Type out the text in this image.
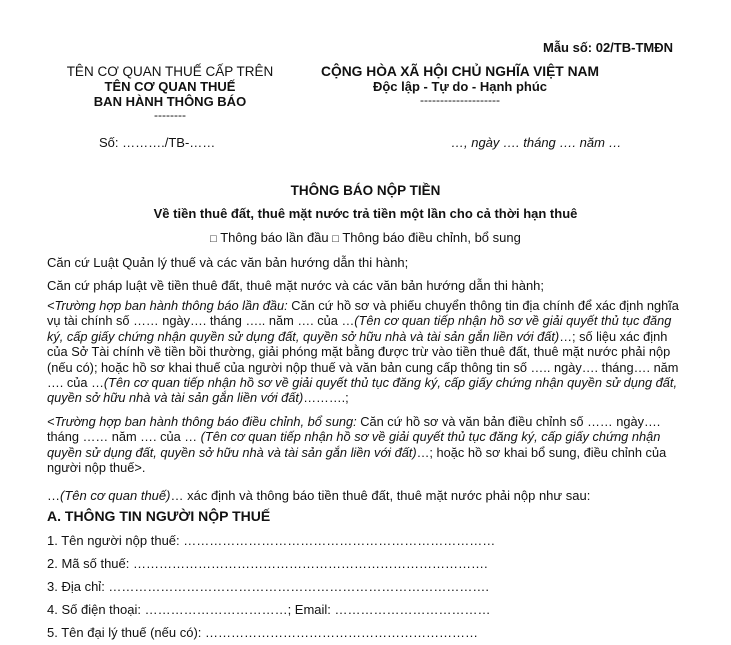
Mẫu số: 02/TB-TMĐN
TÊN CƠ QUAN THUẾ CẤP TRÊN
TÊN CƠ QUAN THUẾ
BAN HÀNH THÔNG BÁO
--------
Số: ………./TB-……
CỘNG HÒA XÃ HỘI CHỦ NGHĨA VIỆT NAM
Độc lập - Tự do - Hạnh phúc
--------------------
…, ngày …. tháng …. năm …
THÔNG BÁO NỘP TIỀN
Về tiền thuê đất, thuê mặt nước trả tiền một lần cho cả thời hạn thuê
□ Thông báo lần đầu □ Thông báo điều chỉnh, bổ sung
Căn cứ Luật Quản lý thuế và các văn bản hướng dẫn thi hành;
Căn cứ pháp luật về tiền thuê đất, thuê mặt nước và các văn bản hướng dẫn thi hành;
<Trường hợp ban hành thông báo lần đầu: Căn cứ hồ sơ và phiếu chuyển thông tin địa chính để xác định nghĩa vụ tài chính số …… ngày…. tháng ….. năm …. của …(Tên cơ quan tiếp nhận hồ sơ về giải quyết thủ tục đăng ký, cấp giấy chứng nhận quyền sử dụng đất, quyền sở hữu nhà và tài sản gắn liền với đất)…; số liệu xác định của Sở Tài chính về tiền bồi thường, giải phóng mặt bằng được trừ vào tiền thuê đất, thuê mặt nước phải nộp (nếu có); hoặc hồ sơ khai thuế của người nộp thuế và văn bản cung cấp thông tin số ….. ngày…. tháng…. năm …. của …(Tên cơ quan tiếp nhận hồ sơ về giải quyết thủ tục đăng ký, cấp giấy chứng nhận quyền sử dụng đất, quyền sở hữu nhà và tài sản gắn liền với đất)……….;
<Trường hợp ban hành thông báo điều chỉnh, bổ sung: Căn cứ hồ sơ và văn bản điều chỉnh số …… ngày…. tháng …… năm …. của … (Tên cơ quan tiếp nhận hồ sơ về giải quyết thủ tục đăng ký, cấp giấy chứng nhận quyền sử dụng đất, quyền sở hữu nhà và tài sản gắn liền với đất)…; hoặc hồ sơ khai bổ sung, điều chỉnh của người nộp thuế>.
…(Tên cơ quan thuế)… xác định và thông báo tiền thuê đất, thuê mặt nước phải nộp như sau:
A. THÔNG TIN NGƯỜI NỘP THUẾ
1. Tên người nộp thuế: ………………………………………………………………
2. Mã số thuế: ……………………………………………………………………….
3. Địa chỉ: …………………………………………………………………………….
4. Số điện thoại: ……………………………; Email: ………………………………
5. Tên đại lý thuế (nếu có): ………………………………………………………
